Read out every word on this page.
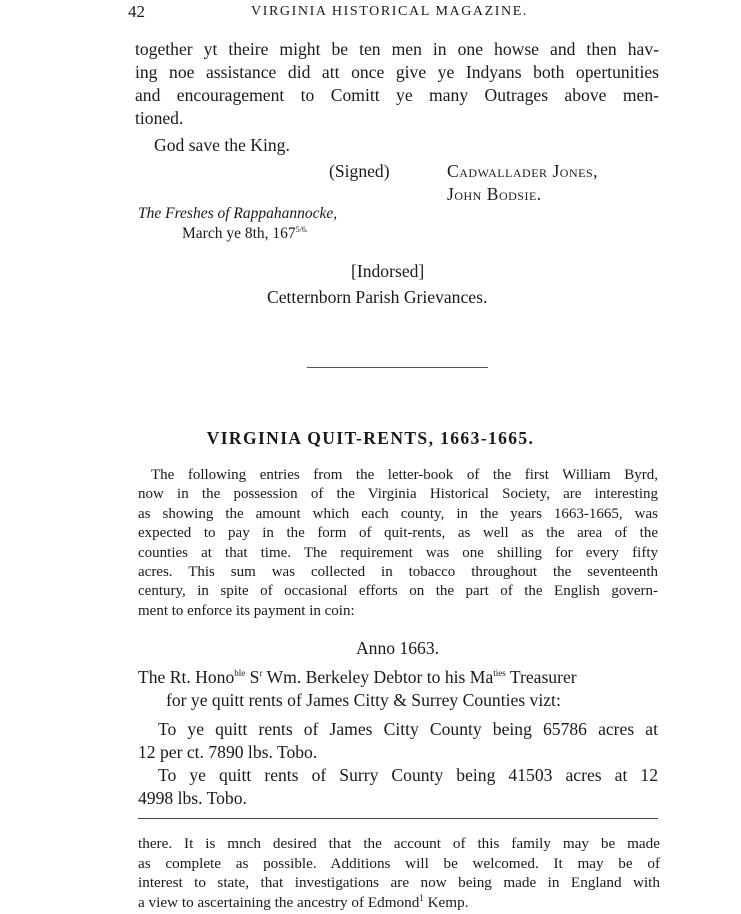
42	VIRGINIA HISTORICAL MAGAZINE.
together yt theire might be ten men in one howse and then hav-
ing noe assistance did att once give ye Indyans both opertunities
and encouragement to Comitt ye many Outrages above men-
tioned.
God save the King.
(Signed)	Cadwallader Jones,
John Bodsie.
The Freshes of Rappahannocke,
March ye 8th, $167^{5/6.}$
[Indorsed]
Cetternborn Parish Grievances.
VIRGINIA QUIT-RENTS, 1663-1665.
The following entries from the letter-book of the first William Byrd,
now in the possession of the Virginia Historical Society, are interesting
as showing the amount which each county, in the years 1663-1665, was
expected to pay in the form of quit-rents, as well as the area of the
counties at that time. The requirement was one shilling for every fifty
acres. This sum was collected in tobacco throughout the seventeenth
century, in spite of occasional efforts on the part of the English govern-
ment to enforce its payment in coin:
Anno 1663.
The Rt. Hono$^{ble}$ $S^r$ Wm. Berkeley Debtor to his $Ma^{ties}$ Treasurer
for ye quitt rents of James Citty & Surrey Counties vizt:
To ye quitt rents of James Citty County being 65786 acres at
12 per ct. 7890 lbs. Tobo.
To ye quitt rents of Surry County being 41503 acres at 12
4998 lbs. Tobo.
there. It is mnch desired that the account of this family may be made
as complete as possible. Additions will be welcomed. It may be of
interest to state, that investigations are now being made in England with
a view to ascertaining the ancestry of Edmond$^1$ Kemp.
